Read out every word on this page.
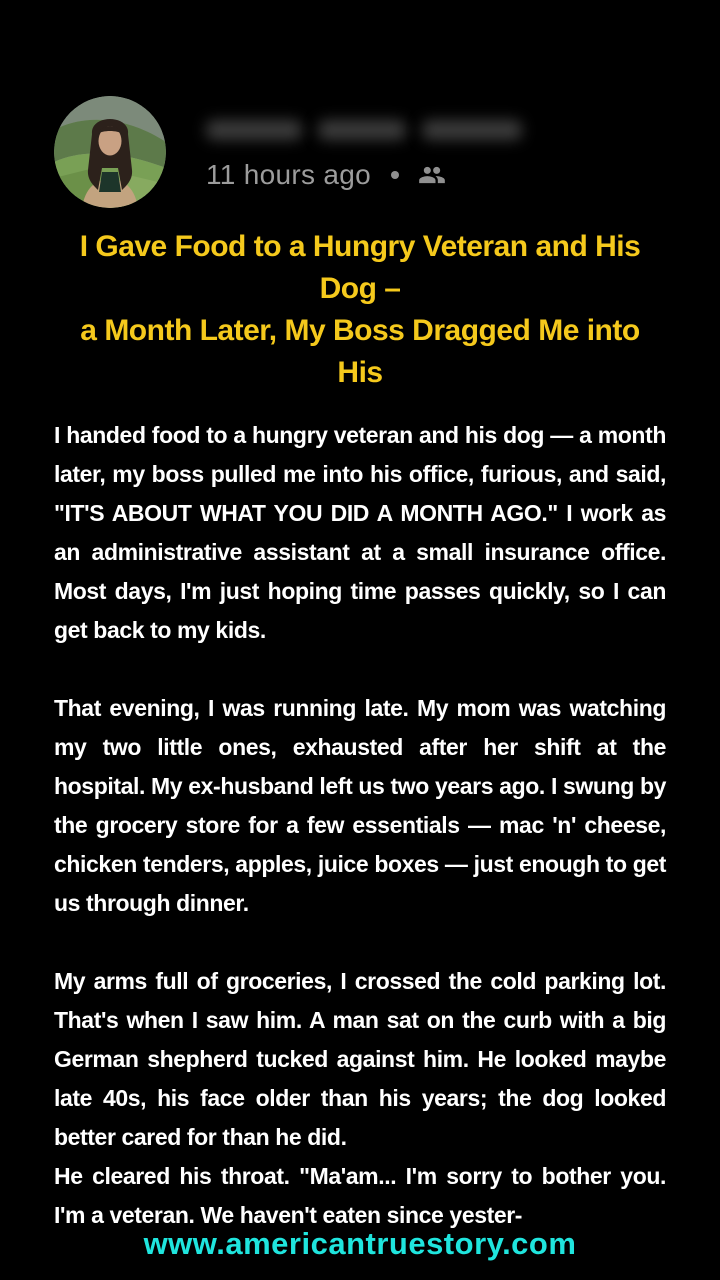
11 hours ago
I Gave Food to a Hungry Veteran and His Dog –
a Month Later, My Boss Dragged Me into His

I handed food to a hungry veteran and his dog — a month later, my boss pulled me into his office, furious, and said, "IT'S ABOUT WHAT YOU DID A MONTH AGO." I work as an administrative assistant at a small insurance office. Most days, I'm just hoping time passes quickly, so I can get back to my kids.

That evening, I was running late. My mom was watching my two little ones, exhausted after her shift at the hospital. My ex-husband left us two years ago. I swung by the grocery store for a few essentials — mac 'n' cheese, chicken tenders, apples, juice boxes — just enough to get us through dinner.

My arms full of groceries, I crossed the cold parking lot. That's when I saw him. A man sat on the curb with a big German shepherd tucked against him. He looked maybe late 40s, his face older than his years; the dog looked better cared for than he did.

He cleared his throat. "Ma'am... I'm sorry to bother you. I'm a veteran. We haven't eaten since yester-

www.americantruestory.com
